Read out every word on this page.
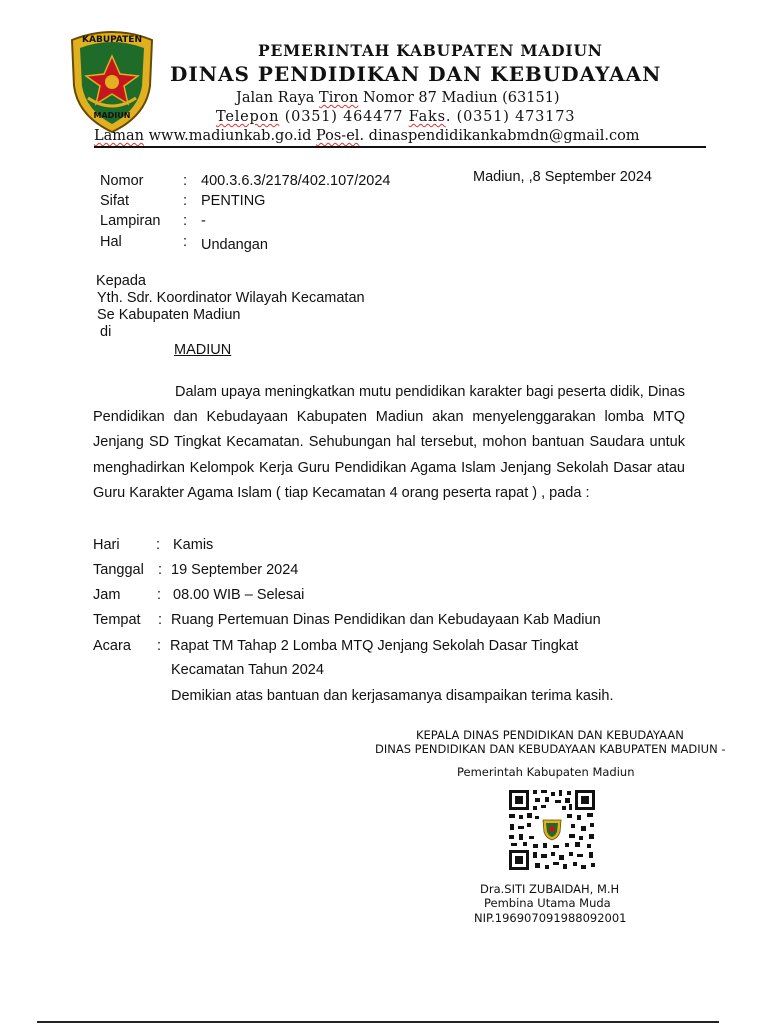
KABUPATEN
MADIUN
PEMERINTAH KABUPATEN MADIUN
DINAS PENDIDIKAN DAN KEBUDAYAAN
Jalan Raya Tiron Nomor 87 Madiun (63151)
Telepon (0351) 464477 Faks. (0351) 473173
Laman www.madiunkab.go.id Pos-el. dinaspendidikankabmdn@gmail.com
Madiun, ,8 September 2024
Nomor	: 400.3.6.3/2178/402.107/2024
Sifat	: PENTING
Lampiran : -
Hal	: Undangan
Kepada
Yth. Sdr. Koordinator Wilayah Kecamatan
Se Kabupaten Madiun
di
MADIUN

Dalam upaya meningkatkan mutu pendidikan karakter bagi peserta didik, Dinas Pendidikan dan Kebudayaan Kabupaten Madiun akan menyelenggarakan lomba MTQ Jenjang SD Tingkat Kecamatan. Sehubungan hal tersebut, mohon bantuan Saudara untuk menghadirkan Kelompok Kerja Guru Pendidikan Agama Islam Jenjang Sekolah Dasar atau Guru Karakter Agama Islam ( tiap Kecamatan 4 orang peserta rapat ) , pada :

Hari	: Kamis
Tanggal : 19 September 2024
Jam	: 08.00 WIB – Selesai
Tempat : Ruang Pertemuan Dinas Pendidikan dan Kebudayaan Kab Madiun
Acara : Rapat TM Tahap 2 Lomba MTQ Jenjang Sekolah Dasar Tingkat
Kecamatan Tahun 2024
Demikian atas bantuan dan kerjasamanya disampaikan terima kasih.
KEPALA DINAS PENDIDIKAN DAN KEBUDAYAAN
DINAS PENDIDIKAN DAN KEBUDAYAAN KABUPATEN MADIUN -
Pemerintah Kabupaten Madiun
Dra.SITI ZUBAIDAH, M.H
Pembina Utama Muda
NIP.196907091988092001
